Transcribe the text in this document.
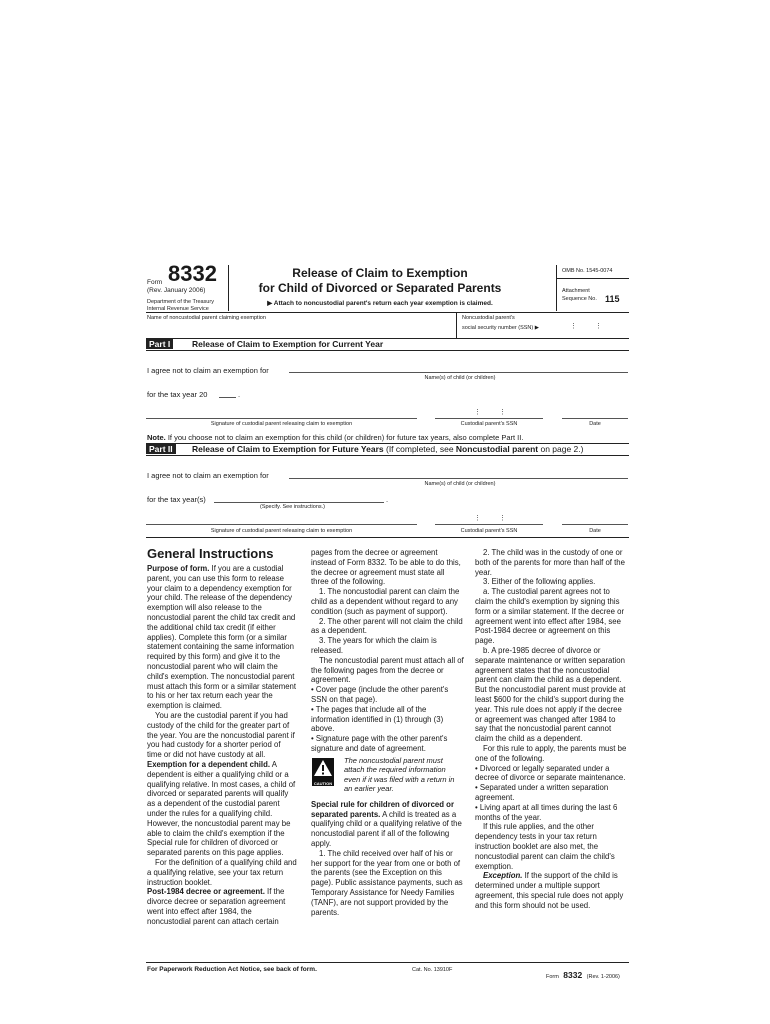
Form 8332
(Rev. January 2006)
Department of the Treasury
Internal Revenue Service
Release of Claim to Exemption
for Child of Divorced or Separated Parents
▶ Attach to noncustodial parent's return each year exemption is claimed.
OMB No. 1545-0074
Attachment
Sequence No. 115
Name of noncustodial parent claiming exemption	Noncustodial parent's
social security number (SSN) ▶	⋮ ⋮
Part I	Release of Claim to Exemption for Current Year
I agree not to claim an exemption for
Name(s) of child (or children)
for the tax year 20	.
⋮ ⋮
Signature of custodial parent releasing claim to exemption	Custodial parent's SSN	Date
Note. If you choose not to claim an exemption for this child (or children) for future tax years, also complete Part II.
Part II	Release of Claim to Exemption for Future Years (If completed, see Noncustodial parent on page 2.)
I agree not to claim an exemption for
Name(s) of child (or children)
for the tax year(s)	.
(Specify. See instructions.)
⋮ ⋮
Signature of custodial parent releasing claim to exemption	Custodial parent's SSN	Date
General Instructions

Purpose of form. If you are a custodial parent, you can use this form to release your claim to a dependency exemption for your child. The release of the dependency exemption will also release to the noncustodial parent the child tax credit and the additional child tax credit (if either applies). Complete this form (or a similar statement containing the same information required by this form) and give it to the noncustodial parent who will claim the child's exemption. The noncustodial parent must attach this form or a similar statement to his or her tax return each year the exemption is claimed.

You are the custodial parent if you had custody of the child for the greater part of the year. You are the noncustodial parent if you had custody for a shorter period of time or did not have custody at all.

Exemption for a dependent child. A dependent is either a qualifying child or a qualifying relative. In most cases, a child of divorced or separated parents will qualify as a dependent of the custodial parent under the rules for a qualifying child. However, the noncustodial parent may be able to claim the child's exemption if the Special rule for children of divorced or separated parents on this page applies.

For the definition of a qualifying child and a qualifying relative, see your tax return instruction booklet.

Post-1984 decree or agreement. If the divorce decree or separation agreement went into effect after 1984, the noncustodial parent can attach certain

pages from the decree or agreement instead of Form 8332. To be able to do this, the decree or agreement must state all three of the following.

1. The noncustodial parent can claim the child as a dependent without regard to any condition (such as payment of support).

2. The other parent will not claim the child as a dependent.

3. The years for which the claim is released.

The noncustodial parent must attach all of the following pages from the decree or agreement.

• Cover page (include the other parent's SSN on that page).

• The pages that include all of the information identified in (1) through (3) above.

• Signature page with the other parent's signature and date of agreement.

CAUTION
The noncustodial parent must attach the required information even if it was filed with a return in an earlier year.

Special rule for children of divorced or separated parents. A child is treated as a qualifying child or a qualifying relative of the noncustodial parent if all of the following apply.

1. The child received over half of his or her support for the year from one or both of the parents (see the Exception on this page). Public assistance payments, such as Temporary Assistance for Needy Families (TANF), are not support provided by the parents.

2. The child was in the custody of one or both of the parents for more than half of the year.

3. Either of the following applies.

a. The custodial parent agrees not to claim the child's exemption by signing this form or a similar statement. If the decree or agreement went into effect after 1984, see Post-1984 decree or agreement on this page.

b. A pre-1985 decree of divorce or separate maintenance or written separation agreement states that the noncustodial parent can claim the child as a dependent. But the noncustodial parent must provide at least $600 for the child's support during the year. This rule does not apply if the decree or agreement was changed after 1984 to say that the noncustodial parent cannot claim the child as a dependent.

For this rule to apply, the parents must be one of the following.

• Divorced or legally separated under a decree of divorce or separate maintenance.

• Separated under a written separation agreement.

• Living apart at all times during the last 6 months of the year.

If this rule applies, and the other dependency tests in your tax return instruction booklet are also met, the noncustodial parent can claim the child's exemption.

Exception. If the support of the child is determined under a multiple support agreement, this special rule does not apply and this form should not be used.

For Paperwork Reduction Act Notice, see back of form.	Cat. No. 13910F
Form 8332 (Rev. 1-2006)
